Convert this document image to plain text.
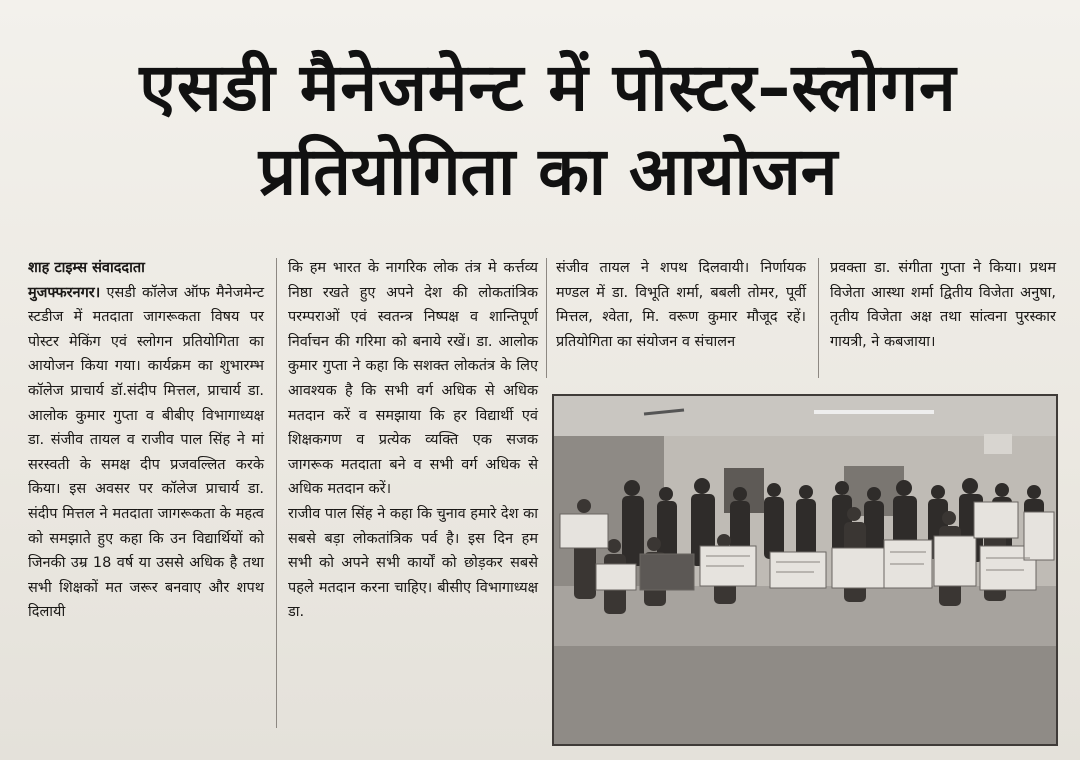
एसडी मैनेजमेन्ट में पोस्टर–स्लोगन
प्रतियोगिता का आयोजन
शाह टाइम्स संवाददाता

मुजफ्फरनगर। एसडी कॉलेज ऑफ मैनेजमेन्ट स्टडीज में मतदाता जागरूकता विषय पर पोस्टर मेकिंग एवं स्लोगन प्रतियोगिता का आयोजन किया गया। कार्यक्रम का शुभारम्भ कॉलेज प्राचार्य डॉ.संदीप मित्तल, प्राचार्य डा. आलोक कुमार गुप्ता व बीबीए विभागाध्यक्ष डा. संजीव तायल व राजीव पाल सिंह ने मां सरस्वती के समक्ष दीप प्रजवल्लित करके किया। इस अवसर पर कॉलेज प्राचार्य डा. संदीप मित्तल ने मतदाता जागरूकता के महत्व को समझाते हुए कहा कि उन विद्यार्थियों को जिनकी उम्र 18 वर्ष या उससे अधिक है तथा सभी शिक्षकों मत जरूर बनवाए और शपथ दिलायी

कि हम भारत के नागरिक लोक तंत्र मे कर्त्तव्य निष्ठा रखते हुए अपने देश की लोकतांत्रिक परम्पराओं एवं स्वतन्त्र निष्पक्ष व शान्तिपूर्ण निर्वाचन की गरिमा को बनाये रखें। डा. आलोक कुमार गुप्ता ने कहा कि सशक्त लोकतंत्र के लिए आवश्यक है कि सभी वर्ग अधिक से अधिक मतदान करें व समझाया कि हर विद्यार्थी एवं शिक्षकगण व प्रत्येक व्यक्ति एक सजक जागरूक मतदाता बने व सभी वर्ग अधिक से अधिक मतदान करें।

राजीव पाल सिंह ने कहा कि चुनाव हमारे देश का सबसे बड़ा लोकतांत्रिक पर्व है। इस दिन हम सभी को अपने सभी कार्यों को छोड़कर सबसे पहले मतदान करना चाहिए। बीसीए विभागाध्यक्ष डा.

संजीव तायल ने शपथ दिलवायी। निर्णायक मण्डल में डा. विभूति शर्मा, बबली तोमर, पूर्वी मित्तल, श्वेता, मि. वरूण कुमार मौजूद रहें। प्रतियोगिता का संयोजन व संचालन

प्रवक्ता डा. संगीता गुप्ता ने किया। प्रथम विजेता आस्था शर्मा द्वितीय विजेता अनुषा, तृतीय विजेता अक्ष तथा सांत्वना पुरस्कार गायत्री, ने कबजाया।
